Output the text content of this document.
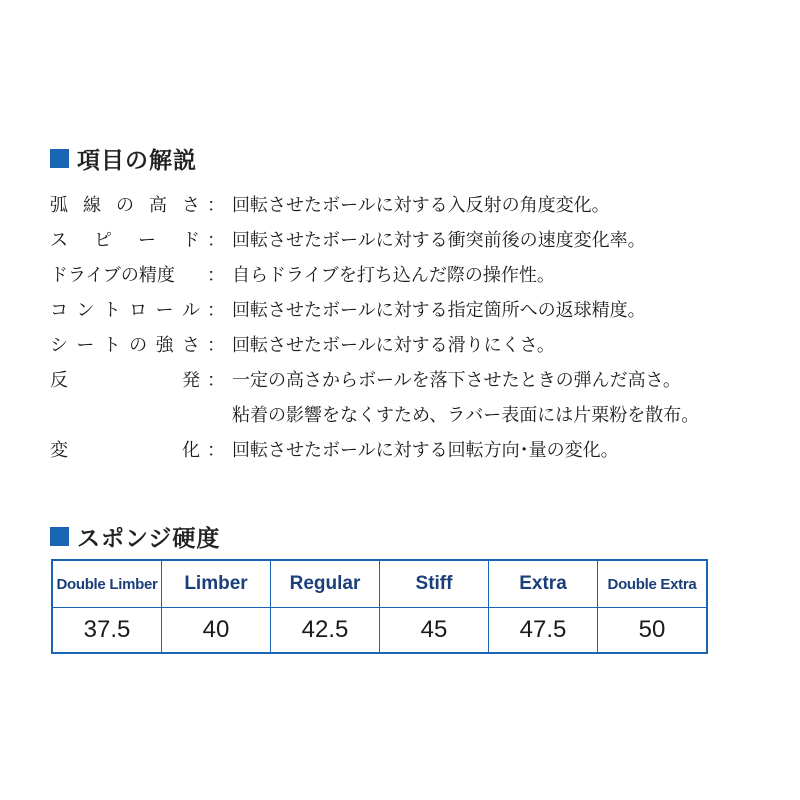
項目の解説
弧 線 の 高 さ ： 回転させたボールに対する入反射の角度変化。
ス ピ ー ド ： 回転させたボールに対する衝突前後の速度変化率。
ドライブの精度	： 自らドライブを打ち込んだ際の操作性。
コ ン ト ロ ー ル ： 回転させたボールに対する指定箇所への返球精度。
シ ー ト の 強 さ ： 回転させたボールに対する滑りにくさ。
反	発 ： 一定の高さからボールを落下させたときの弾んだ高さ。
粘着の影響をなくすため、ラバー表面には片栗粉を散布。
変	化 ： 回転させたボールに対する回転方向･量の変化。
スポンジ硬度
Double Limber	Limber	Regular	Stiff	Extra	Double Extra
37.5	40	42.5	45	47.5	50
